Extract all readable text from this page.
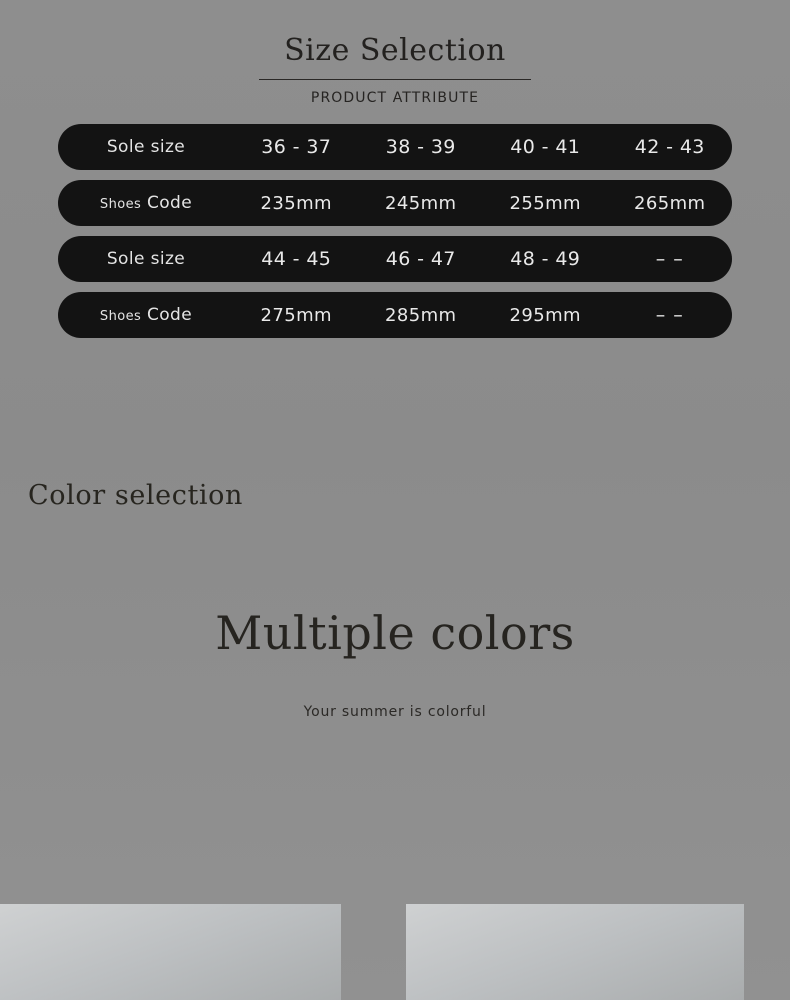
Size Selection
PRODUCT ATTRIBUTE
Sole size	36 - 37	38 - 39	40 - 41	42 - 43
Shoes Code	235mm	245mm	255mm	265mm
Sole size	44 - 45	46 - 47	48 - 49	– –
Shoes Code	275mm	285mm	295mm	– –
Color selection
Multiple colors
Your summer is colorful
